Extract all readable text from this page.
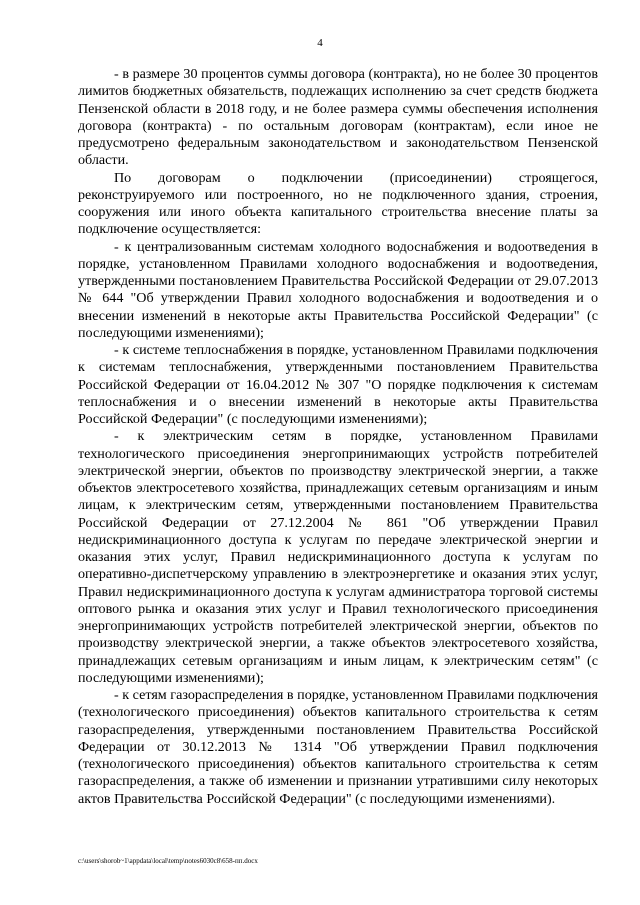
4

- в размере 30 процентов суммы договора (контракта), но не более 30 процентов лимитов бюджетных обязательств, подлежащих исполнению за счет средств бюджета Пензенской области в 2018 году, и не более размера суммы обеспечения исполнения договора (контракта) - по остальным договорам (контрактам), если иное не предусмотрено федеральным законодательством и законодательством Пензенской области.

По договорам о подключении (присоединении) строящегося, реконструируемого или построенного, но не подключенного здания, строения, сооружения или иного объекта капитального строительства внесение платы за подключение осуществляется:

- к централизованным системам холодного водоснабжения и водоотведения в порядке, установленном Правилами холодного водоснабжения и водоотведения, утвержденными постановлением Правительства Российской Федерации от 29.07.2013 № 644 "Об утверждении Правил холодного водоснабжения и водоотведения и о внесении изменений в некоторые акты Правительства Российской Федерации" (с последующими изменениями);

- к системе теплоснабжения в порядке, установленном Правилами подключения к системам теплоснабжения, утвержденными постановлением Правительства Российской Федерации от 16.04.2012 № 307 "О порядке подключения к системам теплоснабжения и о внесении изменений в некоторые акты Правительства Российской Федерации" (с последующими изменениями);

- к электрическим сетям в порядке, установленном Правилами технологического присоединения энергопринимающих устройств потребителей электрической энергии, объектов по производству электрической энергии, а также объектов электросетевого хозяйства, принадлежащих сетевым организациям и иным лицам, к электрическим сетям, утвержденными постановлением Правительства Российской Федерации от 27.12.2004 № 861 "Об утверждении Правил недискриминационного доступа к услугам по передаче электрической энергии и оказания этих услуг, Правил недискриминационного доступа к услугам по оперативно-диспетчерскому управлению в электроэнергетике и оказания этих услуг, Правил недискриминационного доступа к услугам администратора торговой системы оптового рынка и оказания этих услуг и Правил технологического присоединения энергопринимающих устройств потребителей электрической энергии, объектов по производству электрической энергии, а также объектов электросетевого хозяйства, принадлежащих сетевым организациям и иным лицам, к электрическим сетям" (с последующими изменениями);

- к сетям газораспределения в порядке, установленном Правилами подключения (технологического присоединения) объектов капитального строительства к сетям газораспределения, утвержденными постановлением Правительства Российской Федерации от 30.12.2013 № 1314 "Об утверждении Правил подключения (технологического присоединения) объектов капитального строительства к сетям газораспределения, а также об изменении и признании утратившими силу некоторых актов Правительства Российской Федерации" (с последующими изменениями).

c:\users\shorob~1\appdata\local\temp\notes6030c8\658-пп.docx
